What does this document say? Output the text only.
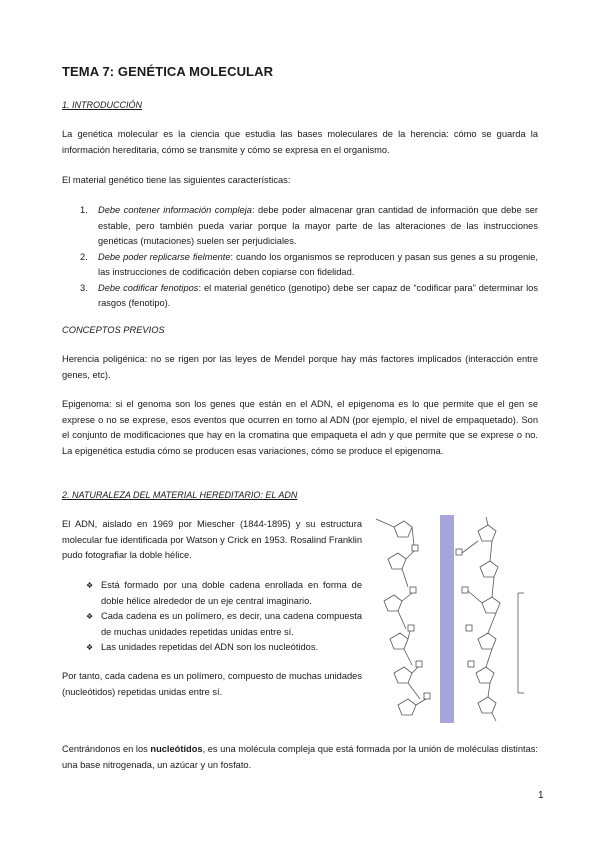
TEMA 7: GENÉTICA MOLECULAR
1. INTRODUCCIÓN
La genética molecular es la ciencia que estudia las bases moleculares de la herencia: cómo se guarda la información hereditaria, cómo se transmite y cómo se expresa en el organismo.
El material genético tiene las siguientes características:
1. Debe contener información compleja: debe poder almacenar gran cantidad de información que debe ser estable, pero también pueda variar porque la mayor parte de las alteraciones de las instrucciones genéticas (mutaciones) suelen ser perjudiciales.
2. Debe poder replicarse fielmente: cuando los organismos se reproducen y pasan sus genes a su progenie, las instrucciones de codificación deben copiarse con fidelidad.
3. Debe codificar fenotipos: el material genético (genotipo) debe ser capaz de “codificar para” determinar los rasgos (fenotipo).
CONCEPTOS PREVIOS
Herencia poligénica: no se rigen por las leyes de Mendel porque hay más factores implicados (interacción entre genes, etc).
Epigenoma: si el genoma son los genes que están en el ADN, el epigenoma es lo que permite que el gen se exprese o no se exprese, esos eventos que ocurren en torno al ADN (por ejemplo, el nivel de empaquetado). Son el conjunto de modificaciones que hay en la cromatina que empaqueta el adn y que permite que se exprese o no. La epigenética estudia cómo se producen esas variaciones, cómo se produce el epigenoma.
2. NATURALEZA DEL MATERIAL HEREDITARIO: EL ADN
El ADN, aislado en 1969 por Miescher (1844-1895) y su estructura molecular fue identificada por Watson y Crick en 1953. Rosalind Franklin pudo fotografiar la doble hélice.
❖ Está formado por una doble cadena enrollada en forma de doble hélice alrededor de un eje central imaginario.
❖ Cada cadena es un polímero, es decir, una cadena compuesta de muchas unidades repetidas unidas entre sí.
❖ Las unidades repetidas del ADN son los nucleótidos.
Por tanto, cada cadena es un polímero, compuesto de muchas unidades (nucleótidos) repetidas unidas entre sí.
Centrándonos en los nucleótidos, es una molécula compleja que está formada por la unión de moléculas distintas: una base nitrogenada, un azúcar y un fosfato.
1
